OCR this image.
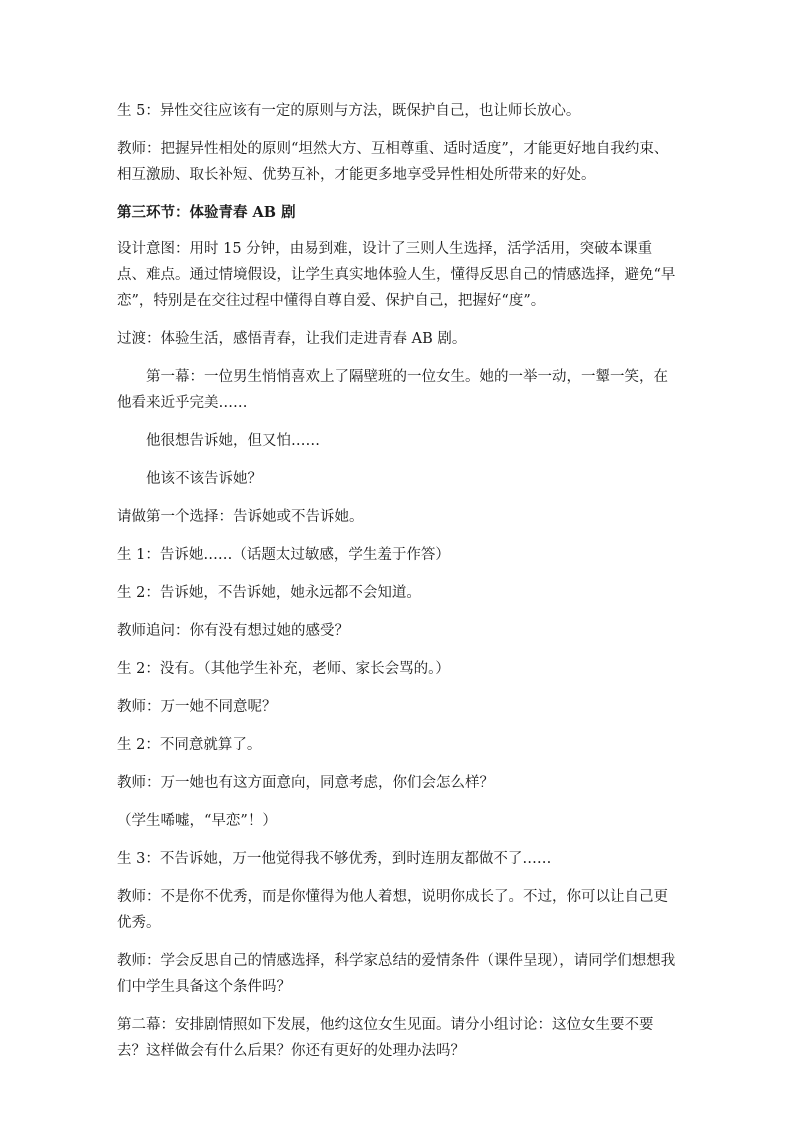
生 5：异性交往应该有一定的原则与方法，既保护自己，也让师长放心。

教师：把握异性相处的原则“坦然大方、互相尊重、适时适度”，才能更好地自我约束、相互激励、取长补短、优势互补，才能更多地享受异性相处所带来的好处。

第三环节：体验青春 AB 剧

设计意图：用时 15 分钟，由易到难，设计了三则人生选择，活学活用，突破本课重点、难点。通过情境假设，让学生真实地体验人生，懂得反思自己的情感选择，避免“早恋”，特别是在交往过程中懂得自尊自爱、保护自己，把握好“度”。

过渡：体验生活，感悟青春，让我们走进青春 AB 剧。

第一幕：一位男生悄悄喜欢上了隔壁班的一位女生。她的一举一动，一颦一笑，在他看来近乎完美……

他很想告诉她，但又怕……

他该不该告诉她？

请做第一个选择：告诉她或不告诉她。

生 1：告诉她……（话题太过敏感，学生羞于作答）

生 2：告诉她，不告诉她，她永远都不会知道。

教师追问：你有没有想过她的感受？

生 2：没有。（其他学生补充，老师、家长会骂的。）

教师：万一她不同意呢？

生 2：不同意就算了。

教师：万一她也有这方面意向，同意考虑，你们会怎么样？

（学生唏嘘，“早恋”！）

生 3：不告诉她，万一他觉得我不够优秀，到时连朋友都做不了……

教师：不是你不优秀，而是你懂得为他人着想，说明你成长了。不过，你可以让自己更优秀。

教师：学会反思自己的情感选择，科学家总结的爱情条件（课件呈现），请同学们想想我们中学生具备这个条件吗？

第二幕：安排剧情照如下发展，他约这位女生见面。请分小组讨论：这位女生要不要去？这样做会有什么后果？你还有更好的处理办法吗？
